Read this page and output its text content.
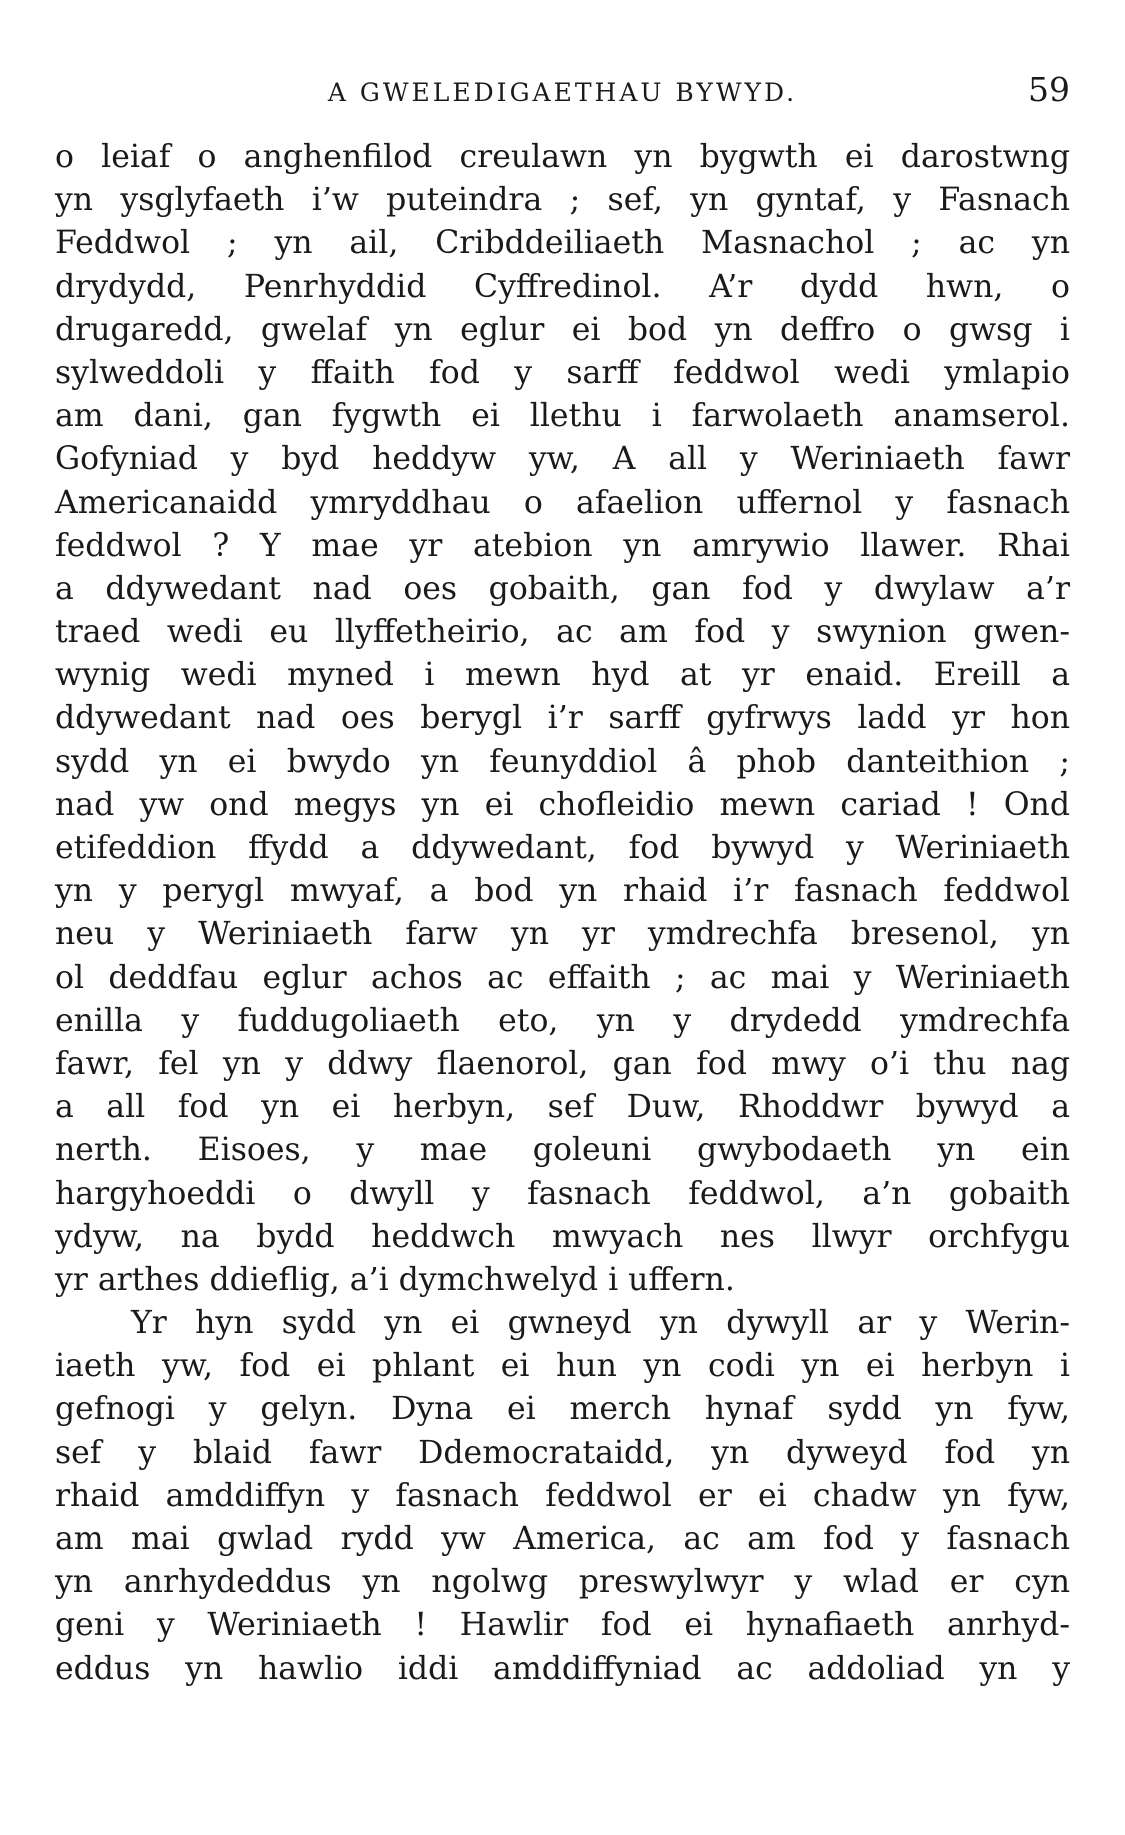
A GWELEDIGAETHAU BYWYD.	59
o leiaf o anghenfilod creulawn yn bygwth ei darostwng
yn ysglyfaeth i’w puteindra ; sef, yn gyntaf, y Fasnach
Feddwol ; yn ail, Cribddeiliaeth Masnachol ; ac yn
drydydd, Penrhyddid Cyffredinol. A’r dydd hwn, o
drugaredd, gwelaf yn eglur ei bod yn deffro o gwsg i
sylweddoli y ffaith fod y sarff feddwol wedi ymlapio
am dani, gan fygwth ei llethu i farwolaeth anamserol.
Gofyniad y byd heddyw yw, A all y Weriniaeth fawr
Americanaidd ymryddhau o afaelion uffernol y fasnach
feddwol ? Y mae yr atebion yn amrywio llawer. Rhai
a ddywedant nad oes gobaith, gan fod y dwylaw a’r
traed wedi eu llyffetheirio, ac am fod y swynion gwen-
wynig wedi myned i mewn hyd at yr enaid. Ereill a
ddywedant nad oes berygl i’r sarff gyfrwys ladd yr hon
sydd yn ei bwydo yn feunyddiol â phob danteithion ;
nad yw ond megys yn ei chofleidio mewn cariad ! Ond
etifeddion ffydd a ddywedant, fod bywyd y Weriniaeth
yn y perygl mwyaf, a bod yn rhaid i’r fasnach feddwol
neu y Weriniaeth farw yn yr ymdrechfa bresenol, yn
ol deddfau eglur achos ac effaith ; ac mai y Weriniaeth
enilla y fuddugoliaeth eto, yn y drydedd ymdrechfa
fawr, fel yn y ddwy flaenorol, gan fod mwy o’i thu nag
a all fod yn ei herbyn, sef Duw, Rhoddwr bywyd a
nerth. Eisoes, y mae goleuni gwybodaeth yn ein
hargyhoeddi o dwyll y fasnach feddwol, a’n gobaith
ydyw, na bydd heddwch mwyach nes llwyr orchfygu
yr arthes ddieflig, a’i dymchwelyd i uffern.
Yr hyn sydd yn ei gwneyd yn dywyll ar y Werin-
iaeth yw, fod ei phlant ei hun yn codi yn ei herbyn i
gefnogi y gelyn. Dyna ei merch hynaf sydd yn fyw,
sef y blaid fawr Ddemocrataidd, yn dyweyd fod yn
rhaid amddiffyn y fasnach feddwol er ei chadw yn fyw,
am mai gwlad rydd yw America, ac am fod y fasnach
yn anrhydeddus yn ngolwg preswylwyr y wlad er cyn
geni y Weriniaeth ! Hawlir fod ei hynafiaeth anrhyd-
eddus yn hawlio iddi amddiffyniad ac addoliad yn y
